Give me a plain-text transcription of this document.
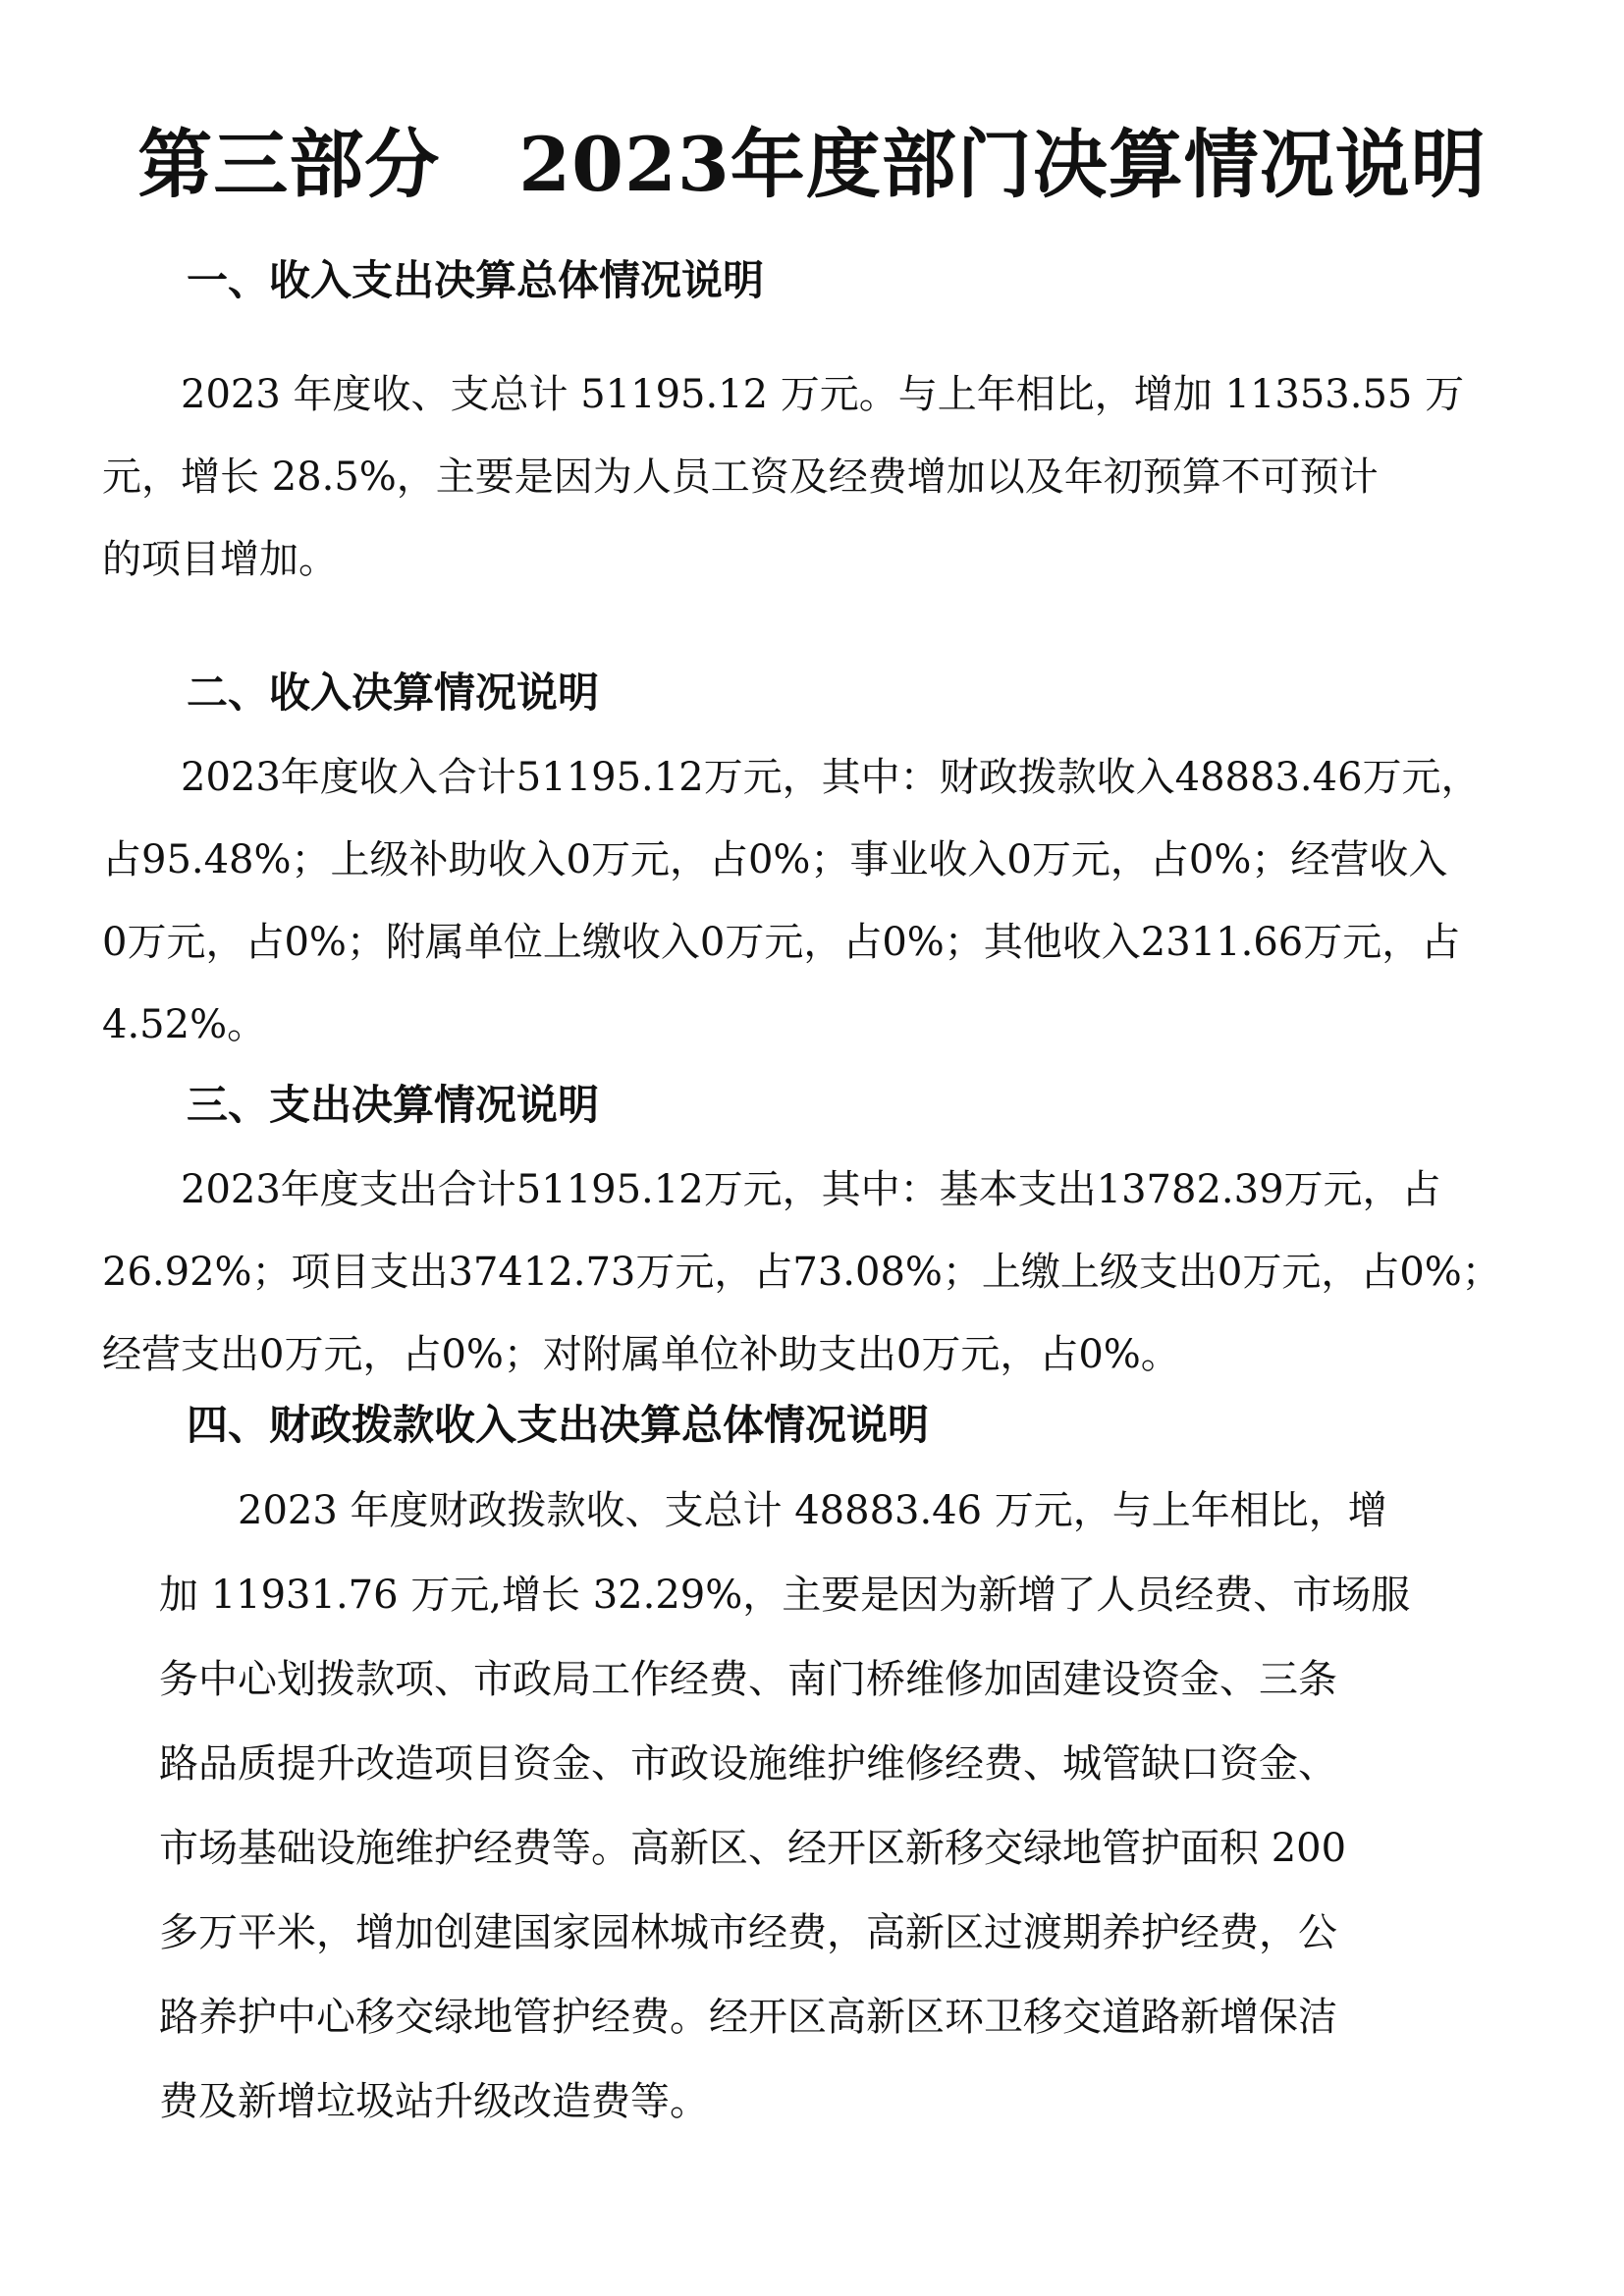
第三部分 2023年度部门决算情况说明
一、收入支出决算总体情况说明
　　2023 年度收、支总计 51195.12 万元。与上年相比，增加 11353.55 万
元，增长 28.5%，主要是因为人员工资及经费增加以及年初预算不可预计
的项目增加。
二、收入决算情况说明
　　2023年度收入合计51195.12万元，其中：财政拨款收入48883.46万元，
占95.48%；上级补助收入0万元，占0%；事业收入0万元，占0%；经营收入
0万元，占0%；附属单位上缴收入0万元，占0%；其他收入2311.66万元，占
4.52%。
三、支出决算情况说明
　　2023年度支出合计51195.12万元，其中：基本支出13782.39万元，占
26.92%；项目支出37412.73万元，占73.08%；上缴上级支出0万元，占0%；
经营支出0万元，占0%；对附属单位补助支出0万元，占0%。
四、财政拨款收入支出决算总体情况说明
　　2023 年度财政拨款收、支总计 48883.46 万元，与上年相比，增
加 11931.76 万元,增长 32.29%，主要是因为新增了人员经费、市场服
务中心划拨款项、市政局工作经费、南门桥维修加固建设资金、三条
路品质提升改造项目资金、市政设施维护维修经费、城管缺口资金、
市场基础设施维护经费等。高新区、经开区新移交绿地管护面积 200
多万平米，增加创建国家园林城市经费，高新区过渡期养护经费，公
路养护中心移交绿地管护经费。经开区高新区环卫移交道路新增保洁
费及新增垃圾站升级改造费等。
